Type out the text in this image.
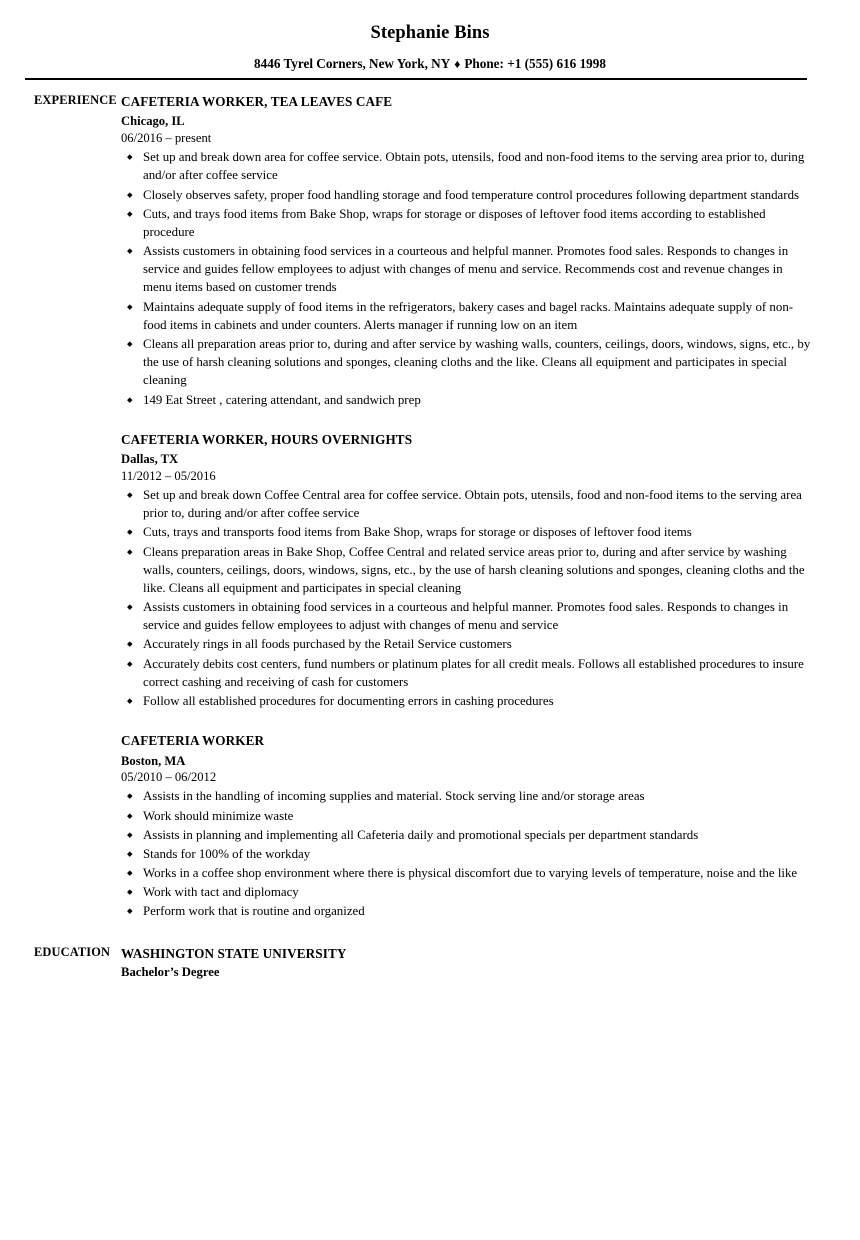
Stephanie Bins
8446 Tyrel Corners, New York, NY ♦ Phone: +1 (555) 616 1998
EXPERIENCE CAFETERIA WORKER, TEA LEAVES CAFE
Chicago, IL
06/2016 – present
◆ Set up and break down area for coffee service. Obtain pots, utensils, food and non-food items to the serving area prior to, during and/or after coffee service
◆ Closely observes safety, proper food handling storage and food temperature control procedures following department standards
◆ Cuts, and trays food items from Bake Shop, wraps for storage or disposes of leftover food items according to established procedure
◆ Assists customers in obtaining food services in a courteous and helpful manner. Promotes food sales. Responds to changes in service and guides fellow employees to adjust with changes of menu and service. Recommends cost and revenue changes in menu items based on customer trends
◆ Maintains adequate supply of food items in the refrigerators, bakery cases and bagel racks. Maintains adequate supply of non-food items in cabinets and under counters. Alerts manager if running low on an item
◆ Cleans all preparation areas prior to, during and after service by washing walls, counters, ceilings, doors, windows, signs, etc., by the use of harsh cleaning solutions and sponges, cleaning cloths and the like. Cleans all equipment and participates in special cleaning
◆ 149 Eat Street , catering attendant, and sandwich prep
CAFETERIA WORKER, HOURS OVERNIGHTS
Dallas, TX
11/2012 – 05/2016
◆ Set up and break down Coffee Central area for coffee service. Obtain pots, utensils, food and non-food items to the serving area prior to, during and/or after coffee service
◆ Cuts, trays and transports food items from Bake Shop, wraps for storage or disposes of leftover food items
◆ Cleans preparation areas in Bake Shop, Coffee Central and related service areas prior to, during and after service by washing walls, counters, ceilings, doors, windows, signs, etc., by the use of harsh cleaning solutions and sponges, cleaning cloths and the like. Cleans all equipment and participates in special cleaning
◆ Assists customers in obtaining food services in a courteous and helpful manner. Promotes food sales. Responds to changes in service and guides fellow employees to adjust with changes of menu and service
◆ Accurately rings in all foods purchased by the Retail Service customers
◆ Accurately debits cost centers, fund numbers or platinum plates for all credit meals. Follows all established procedures to insure correct cashing and receiving of cash for customers
◆ Follow all established procedures for documenting errors in cashing procedures
CAFETERIA WORKER
Boston, MA
05/2010 – 06/2012
◆ Assists in the handling of incoming supplies and material. Stock serving line and/or storage areas
◆ Work should minimize waste
◆ Assists in planning and implementing all Cafeteria daily and promotional specials per department standards
◆ Stands for 100% of the workday
◆ Works in a coffee shop environment where there is physical discomfort due to varying levels of temperature, noise and the like
◆ Work with tact and diplomacy
◆ Perform work that is routine and organized
EDUCATION WASHINGTON STATE UNIVERSITY
Bachelor’s Degree
